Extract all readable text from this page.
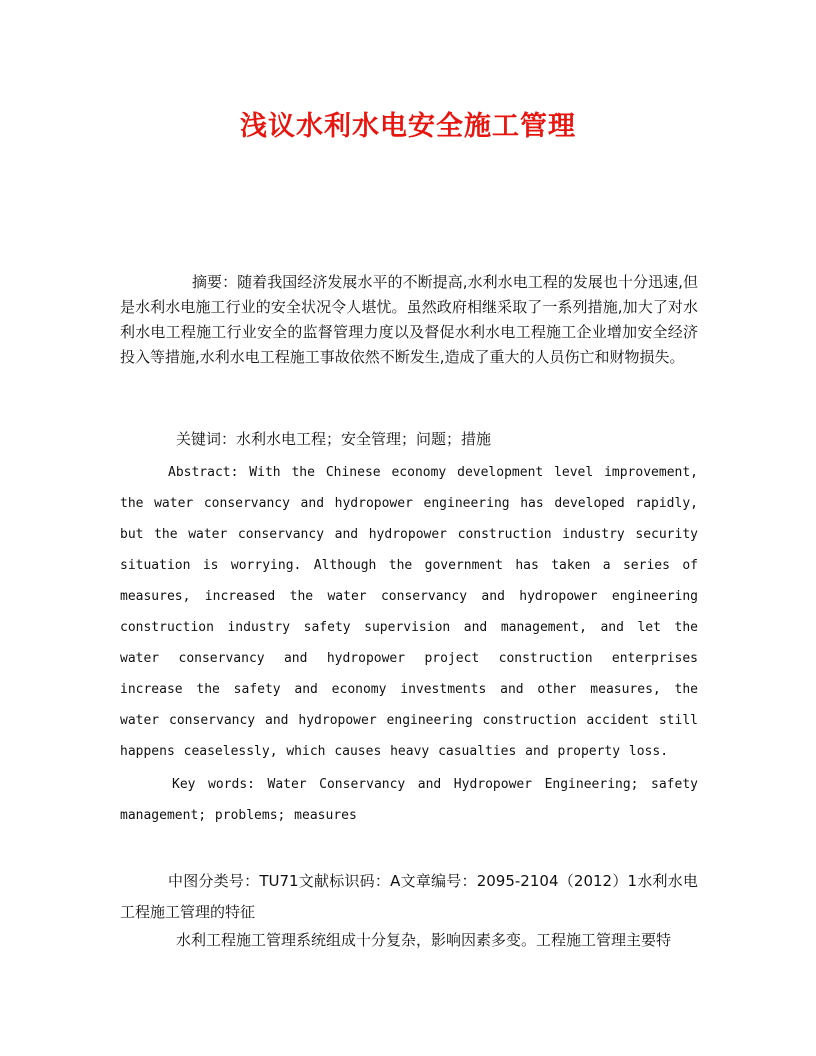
浅议水利水电安全施工管理

摘要：随着我国经济发展水平的不断提高,水利水电工程的发展也十分迅速,但是水利水电施工行业的安全状况令人堪忧。虽然政府相继采取了一系列措施,加大了对水利水电工程施工行业安全的监督管理力度以及督促水利水电工程施工企业增加安全经济投入等措施,水利水电工程施工事故依然不断发生,造成了重大的人员伤亡和财物损失。

关键词：水利水电工程；安全管理；问题；措施

Abstract: With the Chinese economy development level improvement, the water conservancy and hydropower engineering has developed rapidly, but the water conservancy and hydropower construction industry security situation is worrying. Although the government has taken a series of measures, increased the water conservancy and hydropower engineering construction industry safety supervision and management, and let the water conservancy and hydropower project construction enterprises increase the safety and economy investments and other measures, the water conservancy and hydropower engineering construction accident still happens ceaselessly, which causes heavy casualties and property loss.

Key words: Water Conservancy and Hydropower Engineering; safety management; problems; measures

中图分类号：TU71文献标识码：A文章编号：2095-2104（2012）1水利水电工程施工管理的特征

水利工程施工管理系统组成十分复杂，影响因素多变。工程施工管理主要特
